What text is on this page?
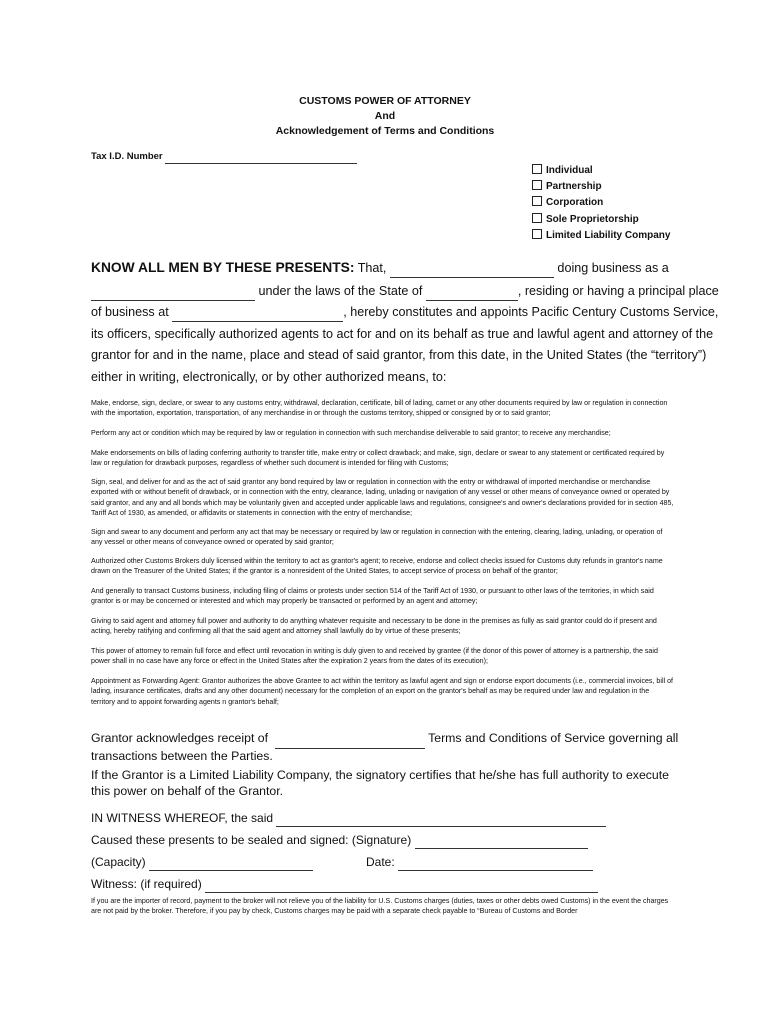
CUSTOMS POWER OF ATTORNEY
And
Acknowledgement of Terms and Conditions
Tax I.D. Number
Individual
Partnership
Corporation
Sole Proprietorship
Limited Liability Company
KNOW ALL MEN BY THESE PRESENTS: That,	doing business as a
under the laws of the State of	, residing or having a principal place
of business at	, hereby constitutes and appoints Pacific Century Customs Service,
its officers, specifically authorized agents to act for and on its behalf as true and lawful agent and attorney of the
grantor for and in the name, place and stead of said grantor, from this date, in the United States (the “territory”)
either in writing, electronically, or by other authorized means, to:
Make, endorse, sign, declare, or swear to any customs entry, withdrawal, declaration, certificate, bill of lading, carnet or any other documents required by law or regulation in connection with the importation, exportation, transportation, of any merchandise in or through the customs territory, shipped or consigned by or to said grantor;
Perform any act or condition which may be required by law or regulation in connection with such merchandise deliverable to said grantor; to receive any merchandise;
Make endorsements on bills of lading conferring authority to transfer title, make entry or collect drawback; and make, sign, declare or swear to any statement or certificated required by law or regulation for drawback purposes, regardless of whether such document is intended for filing with Customs;
Sign, seal, and deliver for and as the act of said grantor any bond required by law or regulation in connection with the entry or withdrawal of imported merchandise or merchandise exported with or without benefit of drawback, or in connection with the entry, clearance, lading, unlading or navigation of any vessel or other means of conveyance owned or operated by said grantor, and any and all bonds which may be voluntarily given and accepted under applicable laws and regulations, consignee's and owner's declarations provided for in section 485, Tariff Act of 1930, as amended, or affidavits or statements in connection with the entry of merchandise;
Sign and swear to any document and perform any act that may be necessary or required by law or regulation in connection with the entering, clearing, lading, unlading, or operation of any vessel or other means of conveyance owned or operated by said grantor;
Authorized other Customs Brokers duly licensed within the territory to act as grantor's agent; to receive, endorse and collect checks issued for Customs duty refunds in grantor's name drawn on the Treasurer of the United States; if the grantor is a nonresident of the United States, to accept service of process on behalf of the grantor;
And generally to transact Customs business, including filing of claims or protests under section 514 of the Tariff Act of 1930, or pursuant to other laws of the territories, in which said grantor is or may be concerned or interested and which may properly be transacted or performed by an agent and attorney;
Giving to said agent and attorney full power and authority to do anything whatever requisite and necessary to be done in the premises as fully as said grantor could do if present and acting, hereby ratifying and confirming all that the said agent and attorney shall lawfully do by virtue of these presents;
This power of attorney to remain full force and effect until revocation in writing is duly given to and received by grantee (if the donor of this power of attorney is a partnership, the said power shall in no case have any force or effect in the United States after the expiration 2 years from the dates of its execution);
Appointment as Forwarding Agent: Grantor authorizes the above Grantee to act within the territory as lawful agent and sign or endorse export documents (i.e., commercial invoices, bill of lading, insurance certificates, drafts and any other document) necessary for the completion of an export on the grantor's behalf as may be required under law and regulation in the territory and to appoint forwarding agents n grantor's behalf;
Grantor acknowledges receipt of	Terms and Conditions of Service governing all transactions between the Parties.
If the Grantor is a Limited Liability Company, the signatory certifies that he/she has full authority to execute this power on behalf of the Grantor.
IN WITNESS WHEREOF, the said
Caused these presents to be sealed and signed: (Signature)
(Capacity)	Date:
Witness: (if required)
If you are the importer of record, payment to the broker will not relieve you of the liability for U.S. Customs charges (duties, taxes or other debts owed Customs) in the event the charges are not paid by the broker. Therefore, if you pay by check, Customs charges may be paid with a separate check payable to “Bureau of Customs and Border
